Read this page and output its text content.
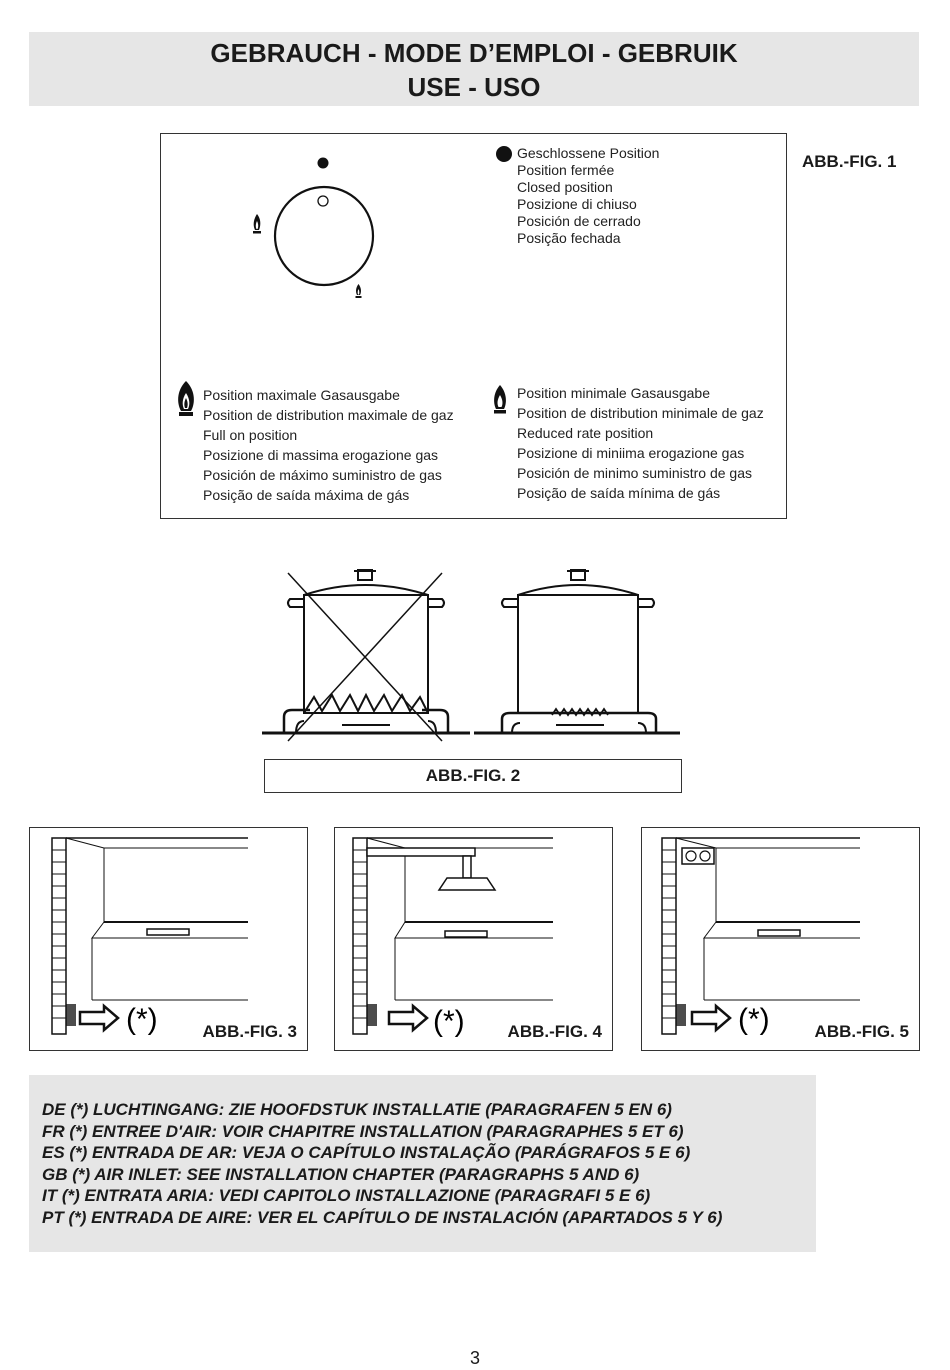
GEBRAUCH - MODE D’EMPLOI - GEBRUIK
USE - USO
ABB.-FIG. 1
Geschlossene Position
Position fermée
Closed position
Posizione di chiuso
Posición de cerrado
Posição fechada
Position maximale Gasausgabe
Position de distribution maximale de gaz
Full on position
Posizione di massima erogazione gas
Posición de máximo suministro de gas
Posição de saída máxima de gás
Position minimale Gasausgabe
Position de distribution minimale de gaz
Reduced rate position
Posizione di miniima erogazione gas
Posición de minimo suministro de gas
Posição de saída mínima de gás
ABB.-FIG. 2
(*)	ABB.-FIG. 3	(*)	ABB.-FIG. 4	(*)	ABB.-FIG. 5
DE (*) LUCHTINGANG: ZIE HOOFDSTUK INSTALLATIE (PARAGRAFEN 5 EN 6)
FR (*) ENTREE D'AIR: VOIR CHAPITRE INSTALLATION (PARAGRAPHES 5 ET 6)
ES (*) ENTRADA DE AR: VEJA O CAPÍTULO INSTALAÇÃO (PARÁGRAFOS 5 E 6)
GB (*) AIR INLET: SEE INSTALLATION CHAPTER (PARAGRAPHS 5 AND 6)
IT (*) ENTRATA ARIA: VEDI CAPITOLO INSTALLAZIONE (PARAGRAFI 5 E 6)
PT (*) ENTRADA DE AIRE: VER EL CAPÍTULO DE INSTALACIÓN (APARTADOS 5 Y 6)
3
